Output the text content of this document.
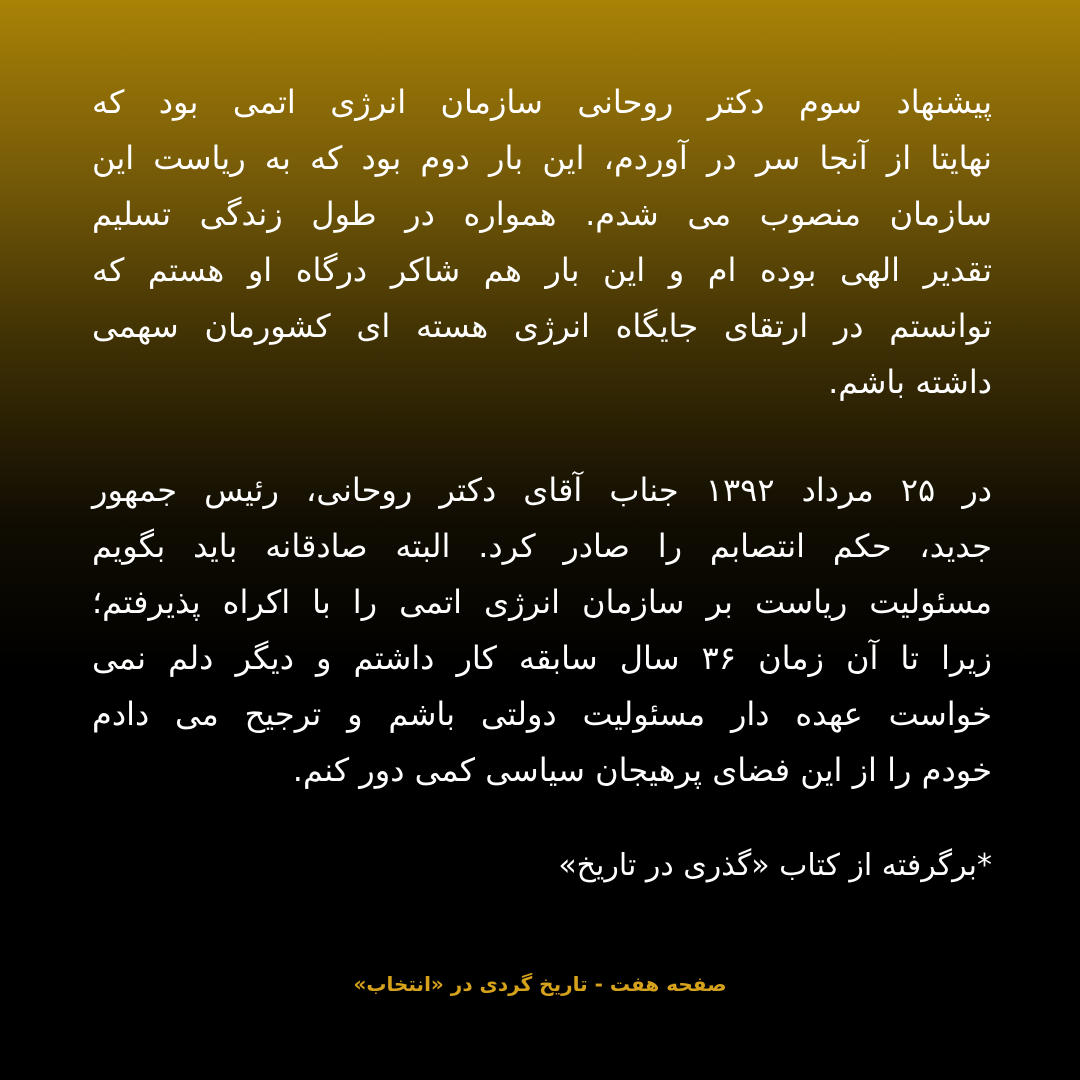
پیشنهاد سوم دکتر روحانی سازمان انرژی اتمی بود که
نهایتا از آنجا سر در آوردم، این بار دوم بود که به ریاست این
سازمان منصوب می شدم. همواره در طول زندگی تسلیم
تقدیر الهی بوده ام و این بار هم شاکر درگاه او هستم که
توانستم در ارتقای جایگاه انرژی هسته ای کشورمان سهمی
داشته باشم.
در ۲۵ مرداد ۱۳۹۲ جناب آقای دکتر روحانی، رئیس جمهور
جدید، حکم انتصابم را صادر کرد. البته صادقانه باید بگویم
مسئولیت ریاست بر سازمان انرژی اتمی را با اکراه پذیرفتم؛
زیرا تا آن زمان ۳۶ سال سابقه کار داشتم و دیگر دلم نمی
خواست عهده دار مسئولیت دولتی باشم و ترجیح می دادم
خودم را از این فضای پرهیجان سیاسی کمی دور کنم.
*برگرفته از کتاب «گذری در تاریخ»
صفحه هفت - تاریخ گردی در «انتخاب»
